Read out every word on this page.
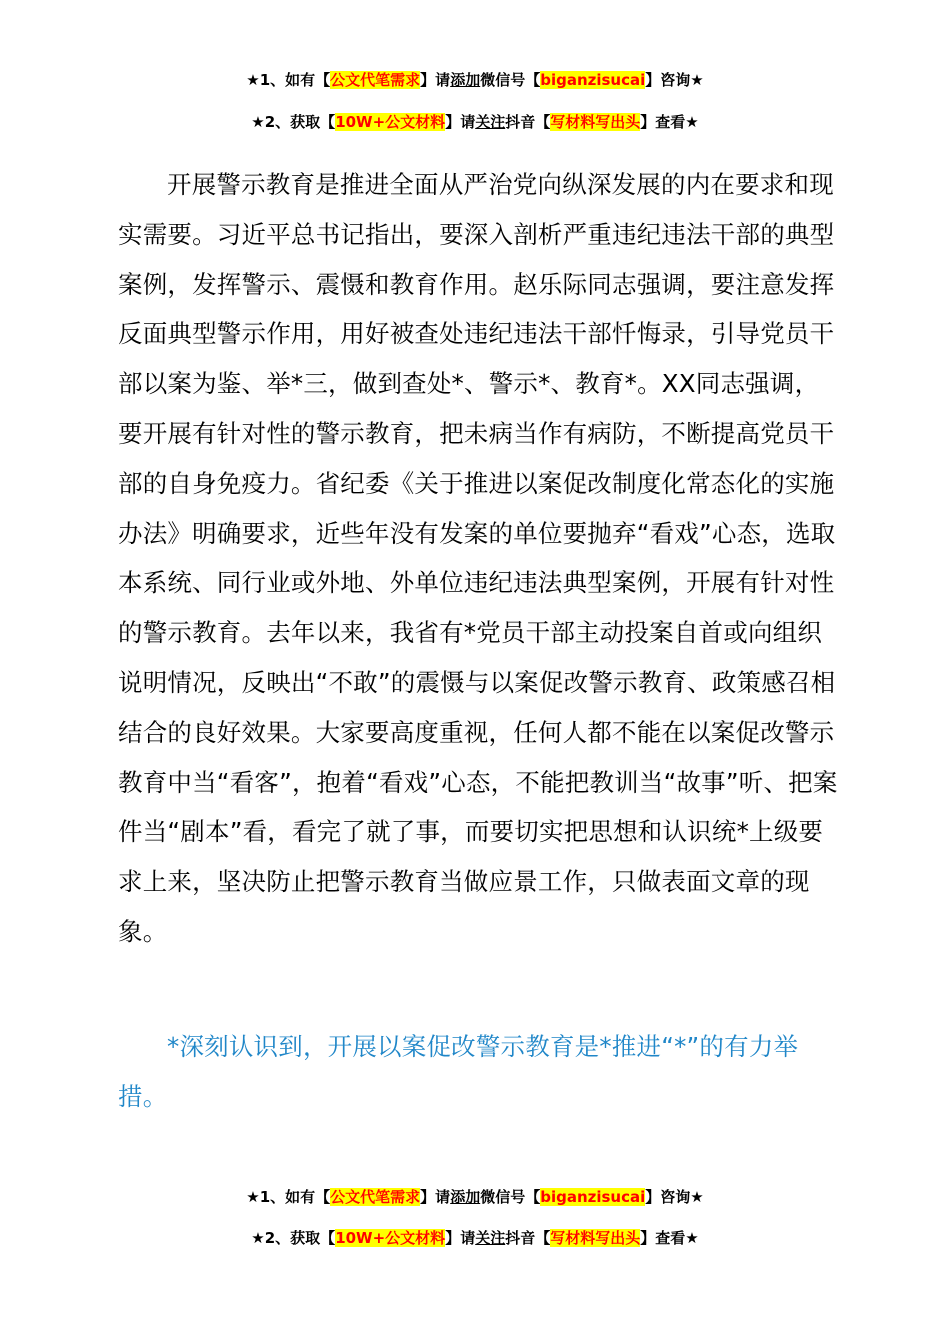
★1、如有【公文代笔需求】请添加微信号【biganzisucai】咨询★
★2、获取【10W+公文材料】请关注抖音【写材料写出头】查看★

开展警示教育是推进全面从严治党向纵深发展的内在要求和现实需要。习近平总书记指出，要深入剖析严重违纪违法干部的典型案例，发挥警示、震慑和教育作用。赵乐际同志强调，要注意发挥反面典型警示作用，用好被查处违纪违法干部忏悔录，引导党员干部以案为鉴、举*三，做到查处*、警示*、教育*。XX同志强调，要开展有针对性的警示教育，把未病当作有病防，不断提高党员干部的自身免疫力。省纪委《关于推进以案促改制度化常态化的实施办法》明确要求，近些年没有发案的单位要抛弃“看戏”心态，选取本系统、同行业或外地、外单位违纪违法典型案例，开展有针对性的警示教育。去年以来，我省有*党员干部主动投案自首或向组织说明情况，反映出“不敢”的震慑与以案促改警示教育、政策感召相结合的良好效果。大家要高度重视，任何人都不能在以案促改警示教育中当“看客”，抱着“看戏”心态，不能把教训当“故事”听、把案件当“剧本”看，看完了就了事，而要切实把思想和认识统*上级要求上来，坚决防止把警示教育当做应景工作，只做表面文章的现象。

*深刻认识到，开展以案促改警示教育是*推进“*”的有力举措。

★1、如有【公文代笔需求】请添加微信号【biganzisucai】咨询★
★2、获取【10W+公文材料】请关注抖音【写材料写出头】查看★
